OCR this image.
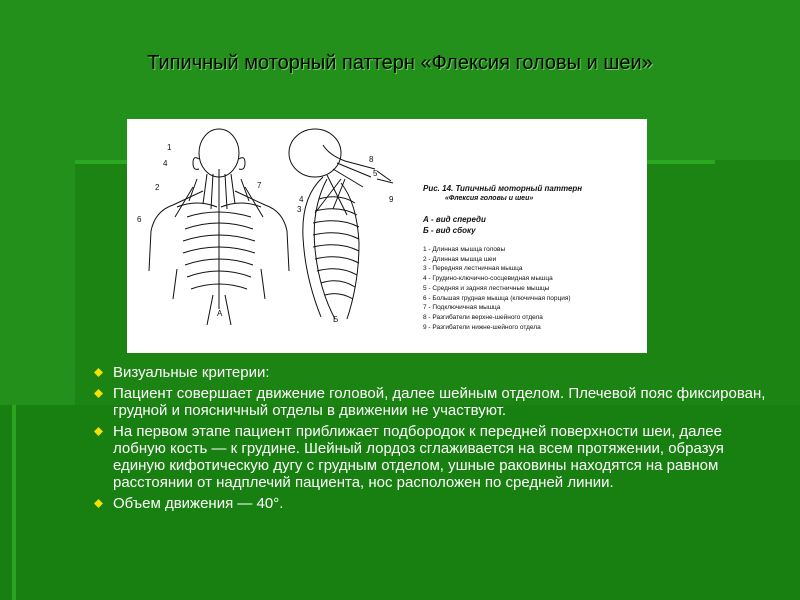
Типичный моторный паттерн «Флексия головы и шеи»
1
4
2
6
7
8
5
4
3
9
А
Б
Рис. 14. Типичный моторный паттерн
«Флексия головы и шеи»
А - вид спереди
Б - вид сбоку
1 - Длинная мышца головы
2 - Длинная мышца шеи
3 - Передняя лестничная мышца
4 - Грудино-ключично-сосцевидная мышца
5 - Средняя и задняя лестничные мышцы
6 - Большая грудная мышца (ключичная порция)
7 - Подключичная мышца
8 - Разгибатели верхне-шейного отдела
9 - Разгибатели нижне-шейного отдела
Визуальные критерии:
Пациент совершает движение головой, далее шейным отделом. Плечевой пояс фиксирован, грудной и поясничный отделы в движении не участвуют.
На первом этапе пациент приближает подбородок к передней поверхности шеи, далее лобную кость — к грудине. Шейный лордоз сглаживается на всем протяжении, образуя единую кифотическую дугу с грудным отделом, ушные раковины находятся на равном расстоянии от надплечий пациента, нос расположен по средней линии.
Объем движения — 40°.
